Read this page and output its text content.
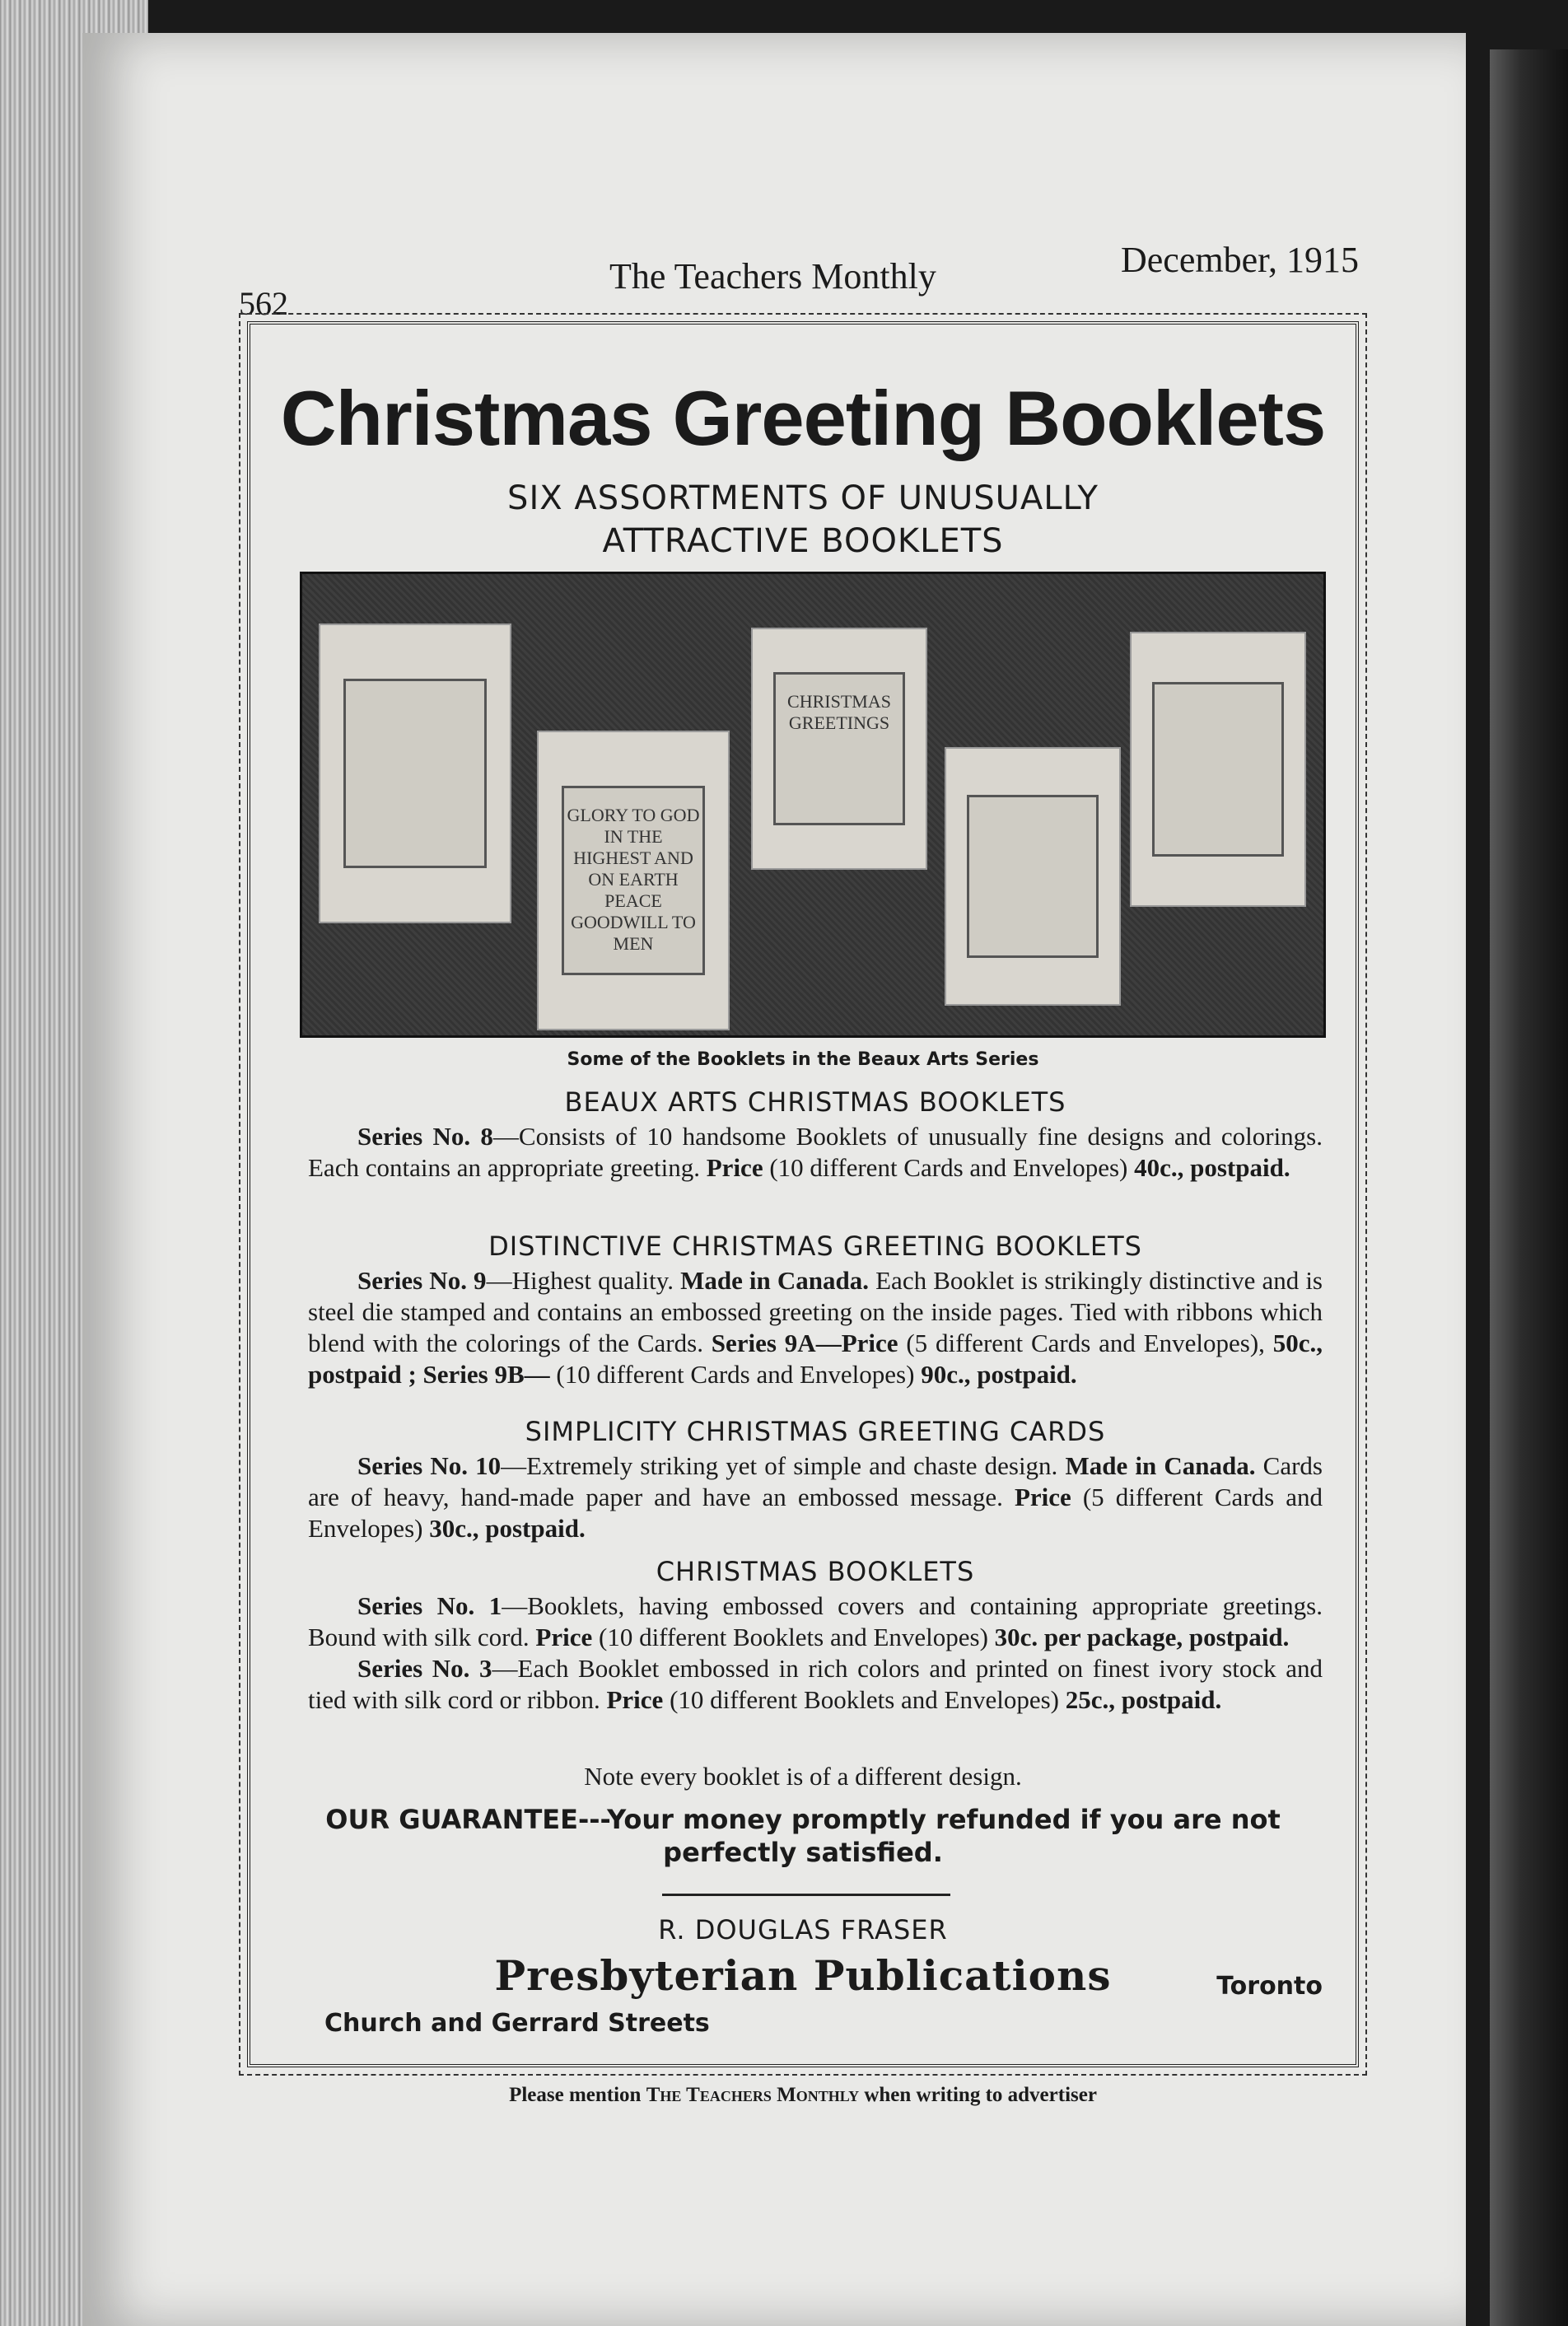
562
The Teachers Monthly	December, 1915
Christmas Greeting Booklets
SIX ASSORTMENTS OF UNUSUALLY ATTRACTIVE BOOKLETS
GLORY TO GOD IN THE HIGHEST AND ON EARTH PEACE GOODWILL TO MEN
CHRISTMAS GREETINGS
Some of the Booklets in the Beaux Arts Series
BEAUX ARTS CHRISTMAS BOOKLETS
Series No. 8—Consists of 10 handsome Booklets of unusually fine designs and colorings. Each contains an appropriate greeting. Price (10 different Cards and Envelopes) 40c., postpaid.
DISTINCTIVE CHRISTMAS GREETING BOOKLETS
Series No. 9—Highest quality. Made in Canada. Each Booklet is strikingly distinctive and is steel die stamped and contains an embossed greeting on the inside pages. Tied with ribbons which blend with the colorings of the Cards. Series 9A—Price (5 different Cards and Envelopes), 50c., postpaid ; Series 9B— (10 different Cards and Envelopes) 90c., postpaid.
SIMPLICITY CHRISTMAS GREETING CARDS
Series No. 10—Extremely striking yet of simple and chaste design. Made in Canada. Cards are of heavy, hand-made paper and have an embossed message. Price (5 different Cards and Envelopes) 30c., postpaid.
CHRISTMAS BOOKLETS
Series No. 1—Booklets, having embossed covers and containing appropriate greetings. Bound with silk cord. Price (10 different Booklets and Envelopes) 30c. per package, postpaid.
Series No. 3—Each Booklet embossed in rich colors and printed on finest ivory stock and tied with silk cord or ribbon. Price (10 different Booklets and Envelopes) 25c., postpaid.
Note every booklet is of a different design.
OUR GUARANTEE---Your money promptly refunded if you are not perfectly satisfied.
R. DOUGLAS FRASER
Presbyterian Publications
Church and Gerrard Streets
Toronto
Please mention The Teachers Monthly when writing to advertiser
